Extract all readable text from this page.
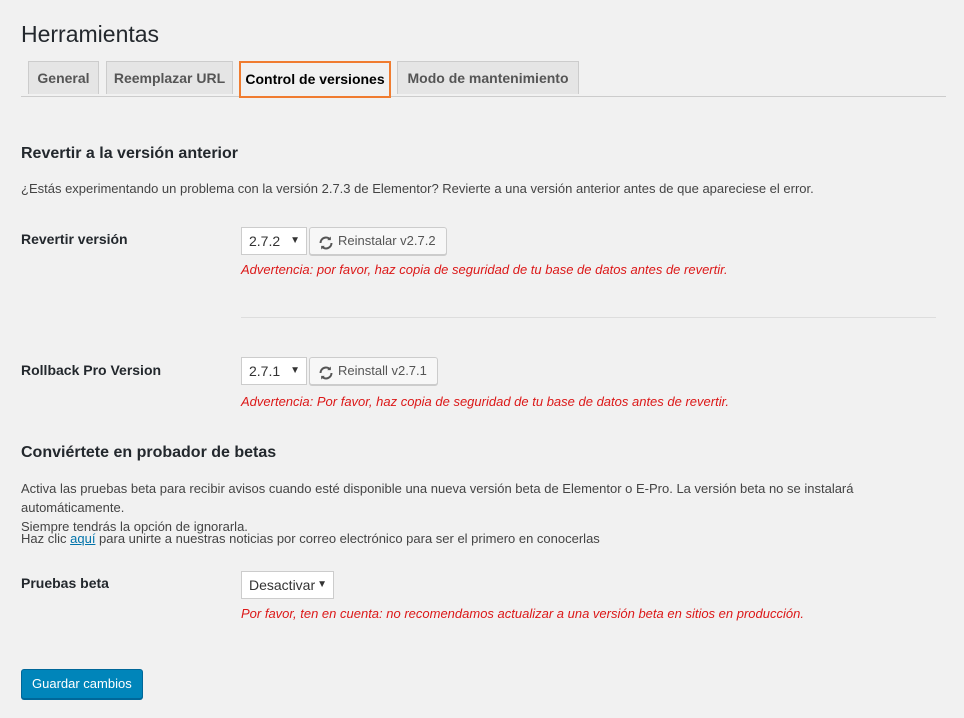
Herramientas
General	Reemplazar URL	Control de versiones	Modo de mantenimiento
Revertir a la versión anterior
¿Estás experimentando un problema con la versión 2.7.3 de Elementor? Revierte a una versión anterior antes de que apareciese el error.
Revertir versión	2.7.2 ▼	Reinstalar v2.7.2
Advertencia: por favor, haz copia de seguridad de tu base de datos antes de revertir.
Rollback Pro Version	2.7.1 ▼	Reinstall v2.7.1
Advertencia: Por favor, haz copia de seguridad de tu base de datos antes de revertir.
Conviértete en probador de betas
Activa las pruebas beta para recibir avisos cuando esté disponible una nueva versión beta de Elementor o E-Pro. La versión beta no se instalará automáticamente.
Siempre tendrás la opción de ignorarla.
Haz clic aquí para unirte a nuestras noticias por correo electrónico para ser el primero en conocerlas
Pruebas beta	Desactivar ▼
Por favor, ten en cuenta: no recomendamos actualizar a una versión beta en sitios en producción.
Guardar cambios
